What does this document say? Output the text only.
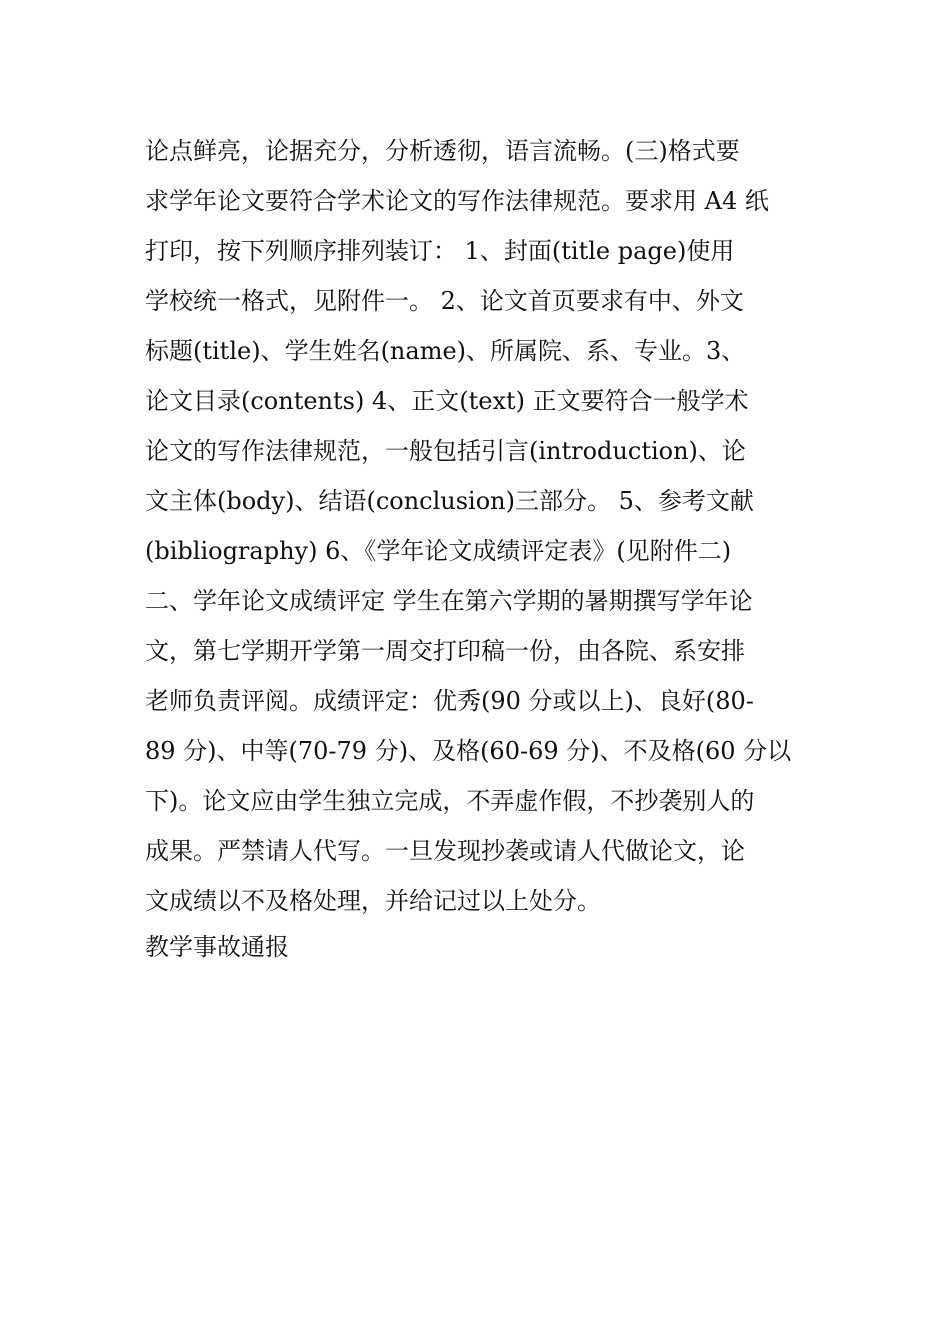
论点鲜亮，论据充分，分析透彻，语言流畅。(三)格式要
求学年论文要符合学术论文的写作法律规范。要求用 A4 纸
打印，按下列顺序排列装订： 1、封面(title page)使用
学校统一格式，见附件一。 2、论文首页要求有中、外文
标题(title)、学生姓名(name)、所属院、系、专业。3、
论文目录(contents) 4、正文(text) 正文要符合一般学术
论文的写作法律规范，一般包括引言(introduction)、论
文主体(body)、结语(conclusion)三部分。 5、参考文献
(bibliography) 6、《学年论文成绩评定表》(见附件二)
二、学年论文成绩评定 学生在第六学期的暑期撰写学年论
文，第七学期开学第一周交打印稿一份，由各院、系安排
老师负责评阅。成绩评定：优秀(90 分或以上)、良好(80-
89 分)、中等(70-79 分)、及格(60-69 分)、不及格(60 分以
下)。论文应由学生独立完成，不弄虚作假，不抄袭别人的
成果。严禁请人代写。一旦发现抄袭或请人代做论文，论
文成绩以不及格处理，并给记过以上处分。

教学事故通报
